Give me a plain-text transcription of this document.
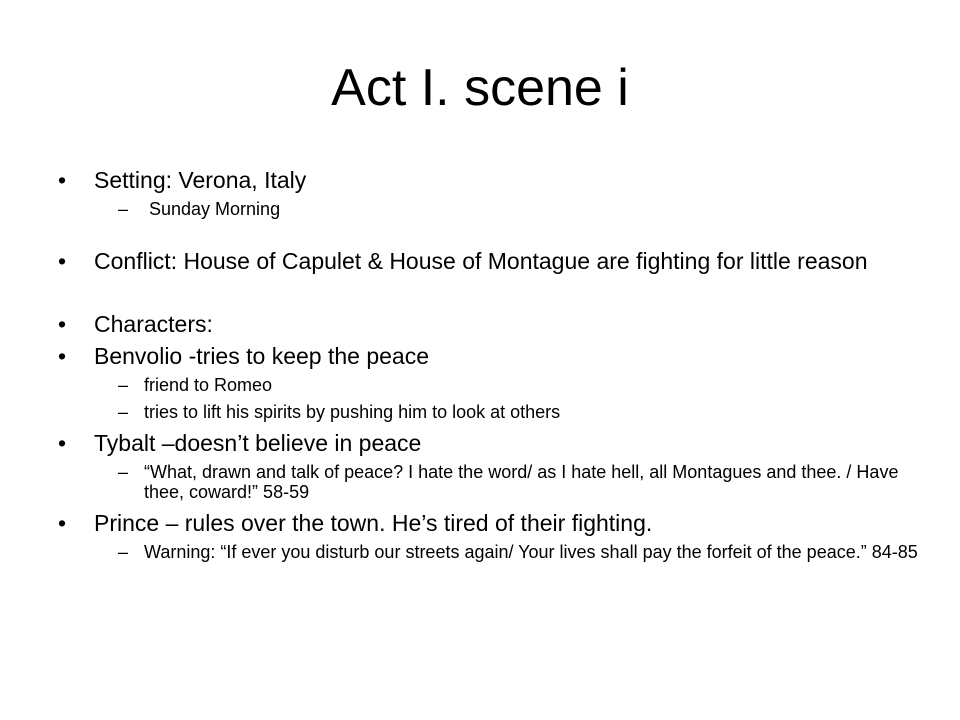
Act I. scene i
• Setting: Verona, Italy
– Sunday Morning
• Conflict: House of Capulet & House of Montague are fighting for little reason
• Characters:
• Benvolio -tries to keep the peace
– friend to Romeo
– tries to lift his spirits by pushing him to look at others
• Tybalt –doesn’t believe in peace
– “What, drawn and talk of peace? I hate the word/ as I hate hell, all Montagues and thee. / Have thee, coward!” 58-59
• Prince – rules over the town. He’s tired of their fighting.
– Warning: “If ever you disturb our streets again/ Your lives shall pay the forfeit of the peace.” 84-85
